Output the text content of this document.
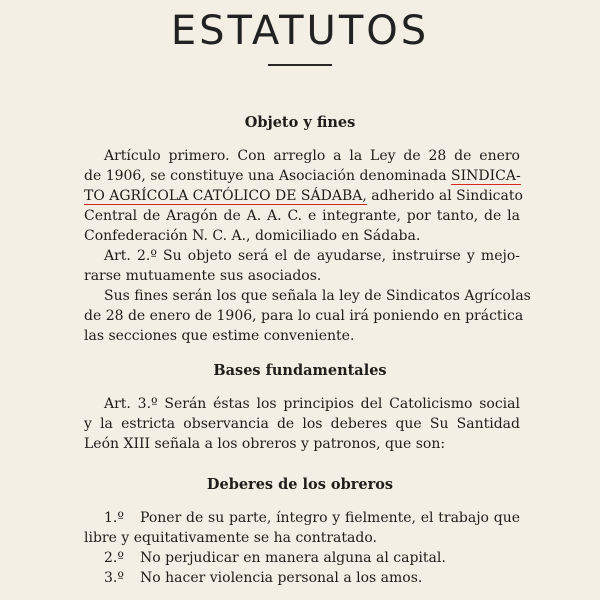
ESTATUTOS
Objeto y fines
Artículo primero. Con arreglo a la Ley de 28 de enero
de 1906, se constituye una Asociación denominada SINDICA-
TO AGRÍCOLA CATÓLICO DE SÁDABA, adherido al Sindicato
Central de Aragón de A. A. C. e integrante, por tanto, de la
Confederación N. C. A., domiciliado en Sádaba.
Art. 2.º Su objeto será el de ayudarse, instruirse y mejo-
rarse mutuamente sus asociados.
Sus fines serán los que señala la ley de Sindicatos Agrícolas
de 28 de enero de 1906, para lo cual irá poniendo en práctica
las secciones que estime conveniente.
Bases fundamentales
Art. 3.º Serán éstas los principios del Catolicismo social
y la estricta observancia de los deberes que Su Santidad
León XIII señala a los obreros y patronos, que son:
Deberes de los obreros
1.º Poner de su parte, íntegro y fielmente, el trabajo que
libre y equitativamente se ha contratado.
2.º No perjudicar en manera alguna al capital.
3.º No hacer violencia personal a los amos.
